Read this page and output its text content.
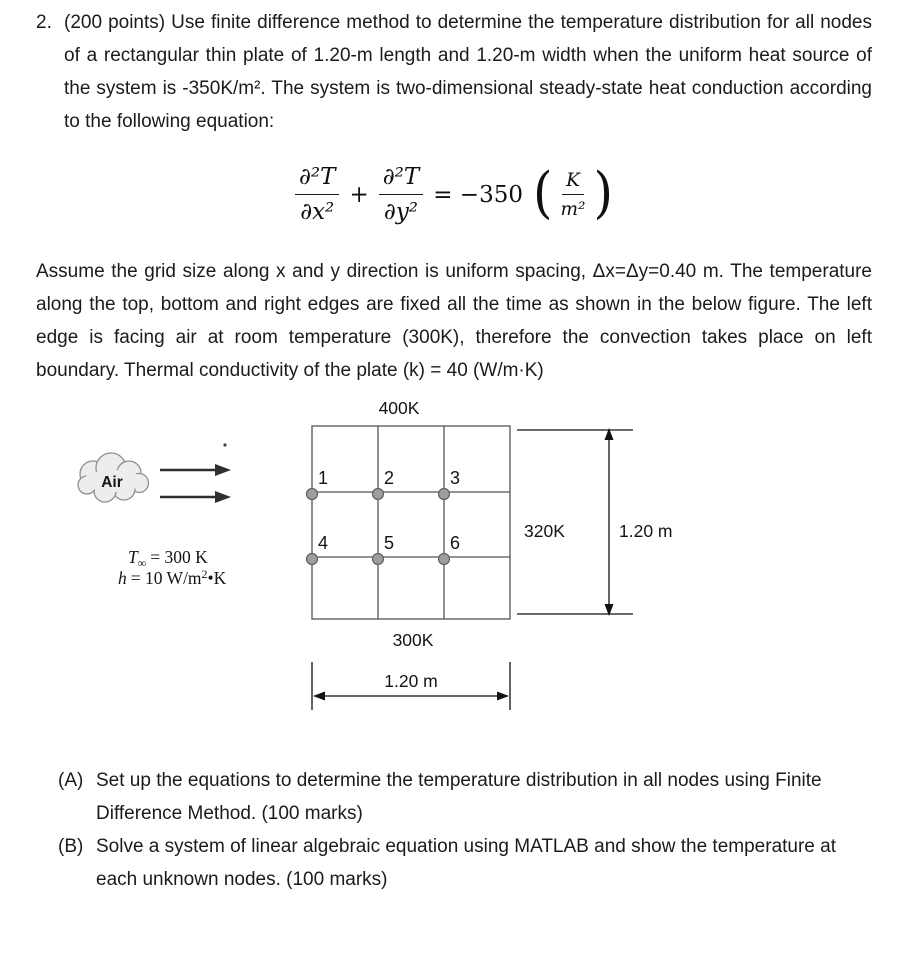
2. (200 points) Use finite difference method to determine the temperature distribution for all nodes of a rectangular thin plate of 1.20-m length and 1.20-m width when the uniform heat source of the system is -350K/m². The system is two-dimensional steady-state heat conduction according to the following equation:
$\frac{\text{∂²T}}{\text{∂x²}} + \frac{\text{∂²T}}{\text{∂y²}} = -350$ ( $\frac{K}{\text{m²}}$ )
Assume the grid size along x and y direction is uniform spacing, Δx=Δy=0.40 m. The temperature along the top, bottom and right edges are fixed all the time as shown in the below figure. The left edge is facing air at room temperature (300K), therefore the convection takes place on left boundary. Thermal conductivity of the plate (k) = 40 (W/m·K)
1	2	3
4	5	6
400K
320K
300K
1.20 m
1.20 m
Air
$T_\infty = 300$ K
h = 10 $W/m^2•K$
(A) Set up the equations to determine the temperature distribution in all nodes using Finite Difference Method. (100 marks)
(B) Solve a system of linear algebraic equation using MATLAB and show the temperature at each unknown nodes. (100 marks)
